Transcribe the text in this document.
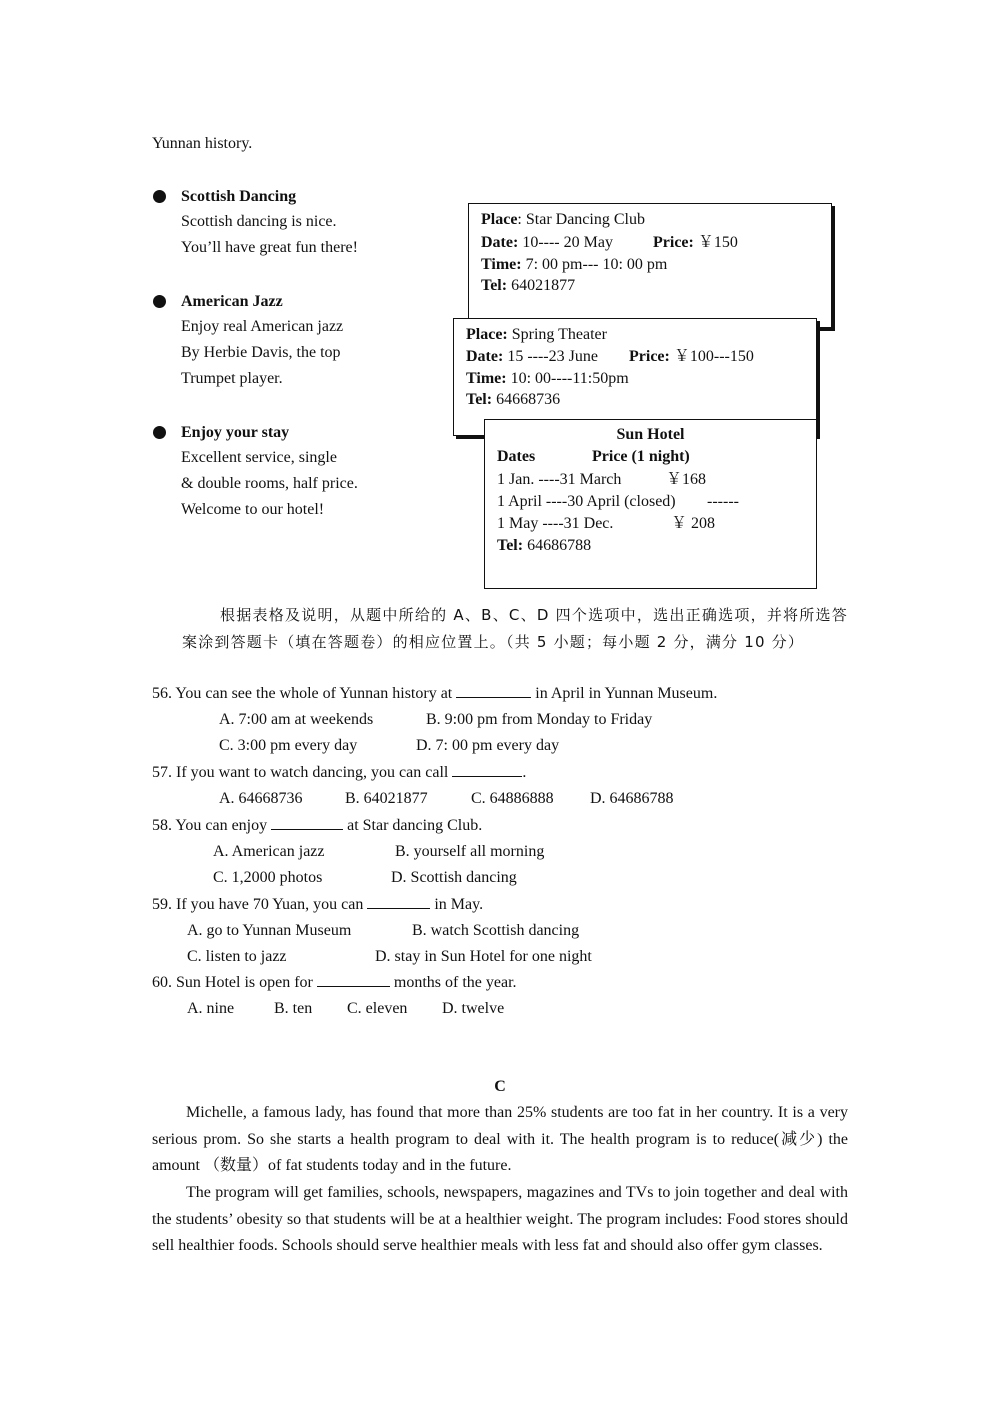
Yunnan history.
Scottish Dancing
Scottish dancing is nice.
You’ll have great fun there!
American Jazz
Enjoy real American jazz
By Herbie Davis, the top
Trumpet player.
Enjoy your stay
Excellent service, single
& double rooms, half price.
Welcome to our hotel!
Place: Star Dancing Club
Date: 10---- 20 May	Price: ￥150
Time: 7: 00 pm--- 10: 00 pm
Tel: 64021877
Place: Spring Theater
Date: 15 ----23 June Price: ￥100---150
Time: 10: 00----11:50pm
Tel: 64668736
Sun Hotel
Dates	Price (1 night)
1 Jan. ----31 March	￥168
1 April ----30 April (closed) ------
1 May ----31 Dec.	￥ 208
Tel: 64686788
根据表格及说明，从题中所给的 A、B、C、D 四个选项中，选出正确选项，并将所选答案涂到答题卡（填在答题卷）的相应位置上。（共 5 小题；每小题 2 分，满分 10 分）
56. You can see the whole of Yunnan history at	in April in Yunnan Museum.
A. 7:00 am at weekends	B. 9:00 pm from Monday to Friday
C. 3:00 pm every day	D. 7: 00 pm every day
57. If you want to watch dancing, you can call	.
A. 64668736	B. 64021877	C. 64886888 D. 64686788
58. You can enjoy	at Star dancing Club.
A. American jazz	B. yourself all morning
C. 1,2000 photos	D. Scottish dancing
59. If you have 70 Yuan, you can	in May.
A. go to Yunnan Museum	B. watch Scottish dancing
C. listen to jazz	D. stay in Sun Hotel for one night
60. Sun Hotel is open for	months of the year.
A. nine B. ten C. eleven D. twelve
C
Michelle, a famous lady, has found that more than 25% students are too fat in her country. It is a very serious prom. So she starts a health program to deal with it. The health program is to reduce(减少) the amount （数量）of fat students today and in the future.
The program will get families, schools, newspapers, magazines and TVs to join together and deal with the students’ obesity so that students will be at a healthier weight. The program includes: Food stores should sell healthier foods. Schools should serve healthier meals with less fat and should also offer gym classes.
